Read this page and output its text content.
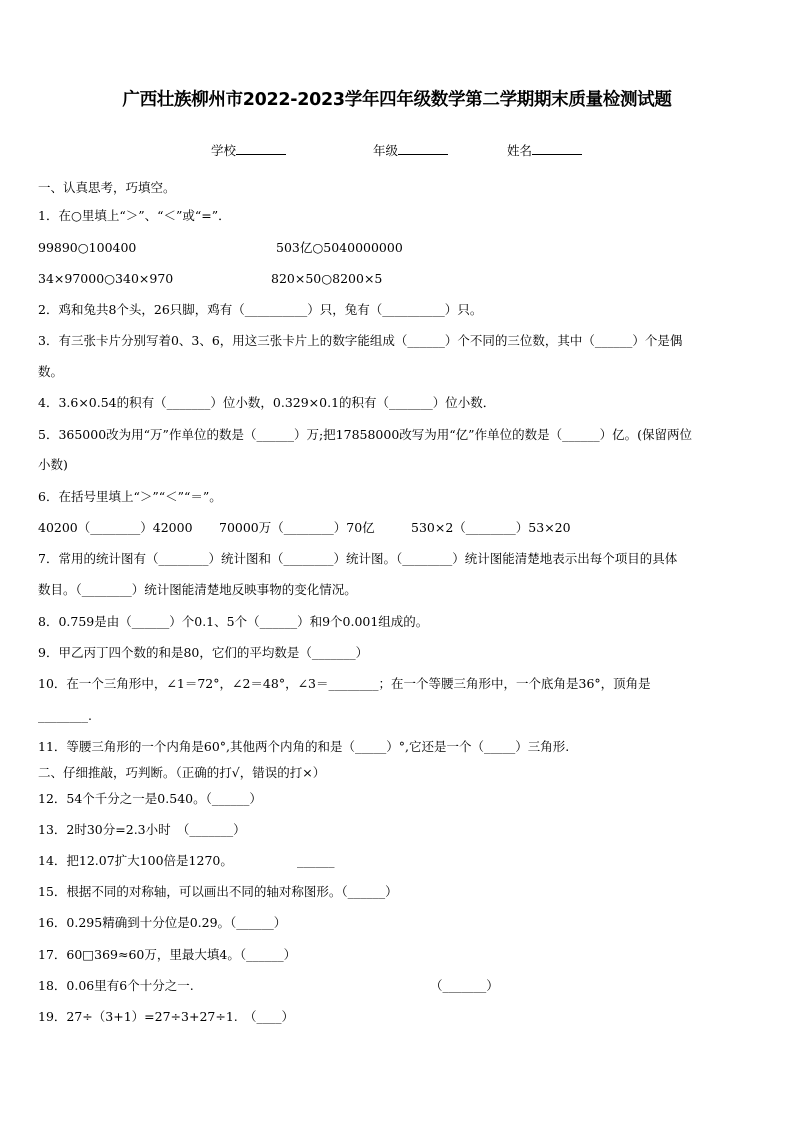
广西壮族柳州市2022-2023学年四年级数学第二学期期末质量检测试题
学校	年级	姓名
一、认真思考，巧填空。
1．在○里填上“＞”、“＜”或“=”．
99890○100400	503亿○5040000000
34×97000○340×970	820×50○8200×5
2．鸡和兔共8个头，26只脚，鸡有（__________）只，兔有（__________）只。
3．有三张卡片分别写着0、3、6，用这三张卡片上的数字能组成（______）个不同的三位数，其中（______）个是偶
数。
4．3.6×0.54的积有（_______）位小数，0.329×0.1的积有（_______）位小数．
5．365000改为用“万”作单位的数是（______）万;把17858000改写为用“亿”作单位的数是（______）亿。(保留两位
小数)
6．在括号里填上“＞”“＜”“＝”。
40200（________）42000 70000万（________）70亿	530×2（________）53×20
7．常用的统计图有（________）统计图和（________）统计图。（________）统计图能清楚地表示出每个项目的具体
数目。（________）统计图能清楚地反映事物的变化情况。
8．0.759是由（______）个0.1、5个（______）和9个0.001组成的。
9．甲乙丙丁四个数的和是80，它们的平均数是（_______）
10．在一个三角形中，∠1＝72°，∠2＝48°，∠3＝________；在一个等腰三角形中，一个底角是36°，顶角是
________.
11．等腰三角形的一个内角是60°,其他两个内角的和是（_____）°,它还是一个（_____）三角形.
二、仔细推敲，巧判断。（正确的打√，错误的打×）
12．54个千分之一是0.540。（______）
13．2时30分=2.3小时　（_______）
14．把12.07扩大100倍是1270。	______
15．根据不同的对称轴，可以画出不同的轴对称图形。（______）
16．0.295精确到十分位是0.29。（______）
17．60□369≈60万，里最大填4。（______）
18．0.06里有6个十分之一.	（_______）
19．27÷（3+1）=27÷3+27÷1.　（____）
